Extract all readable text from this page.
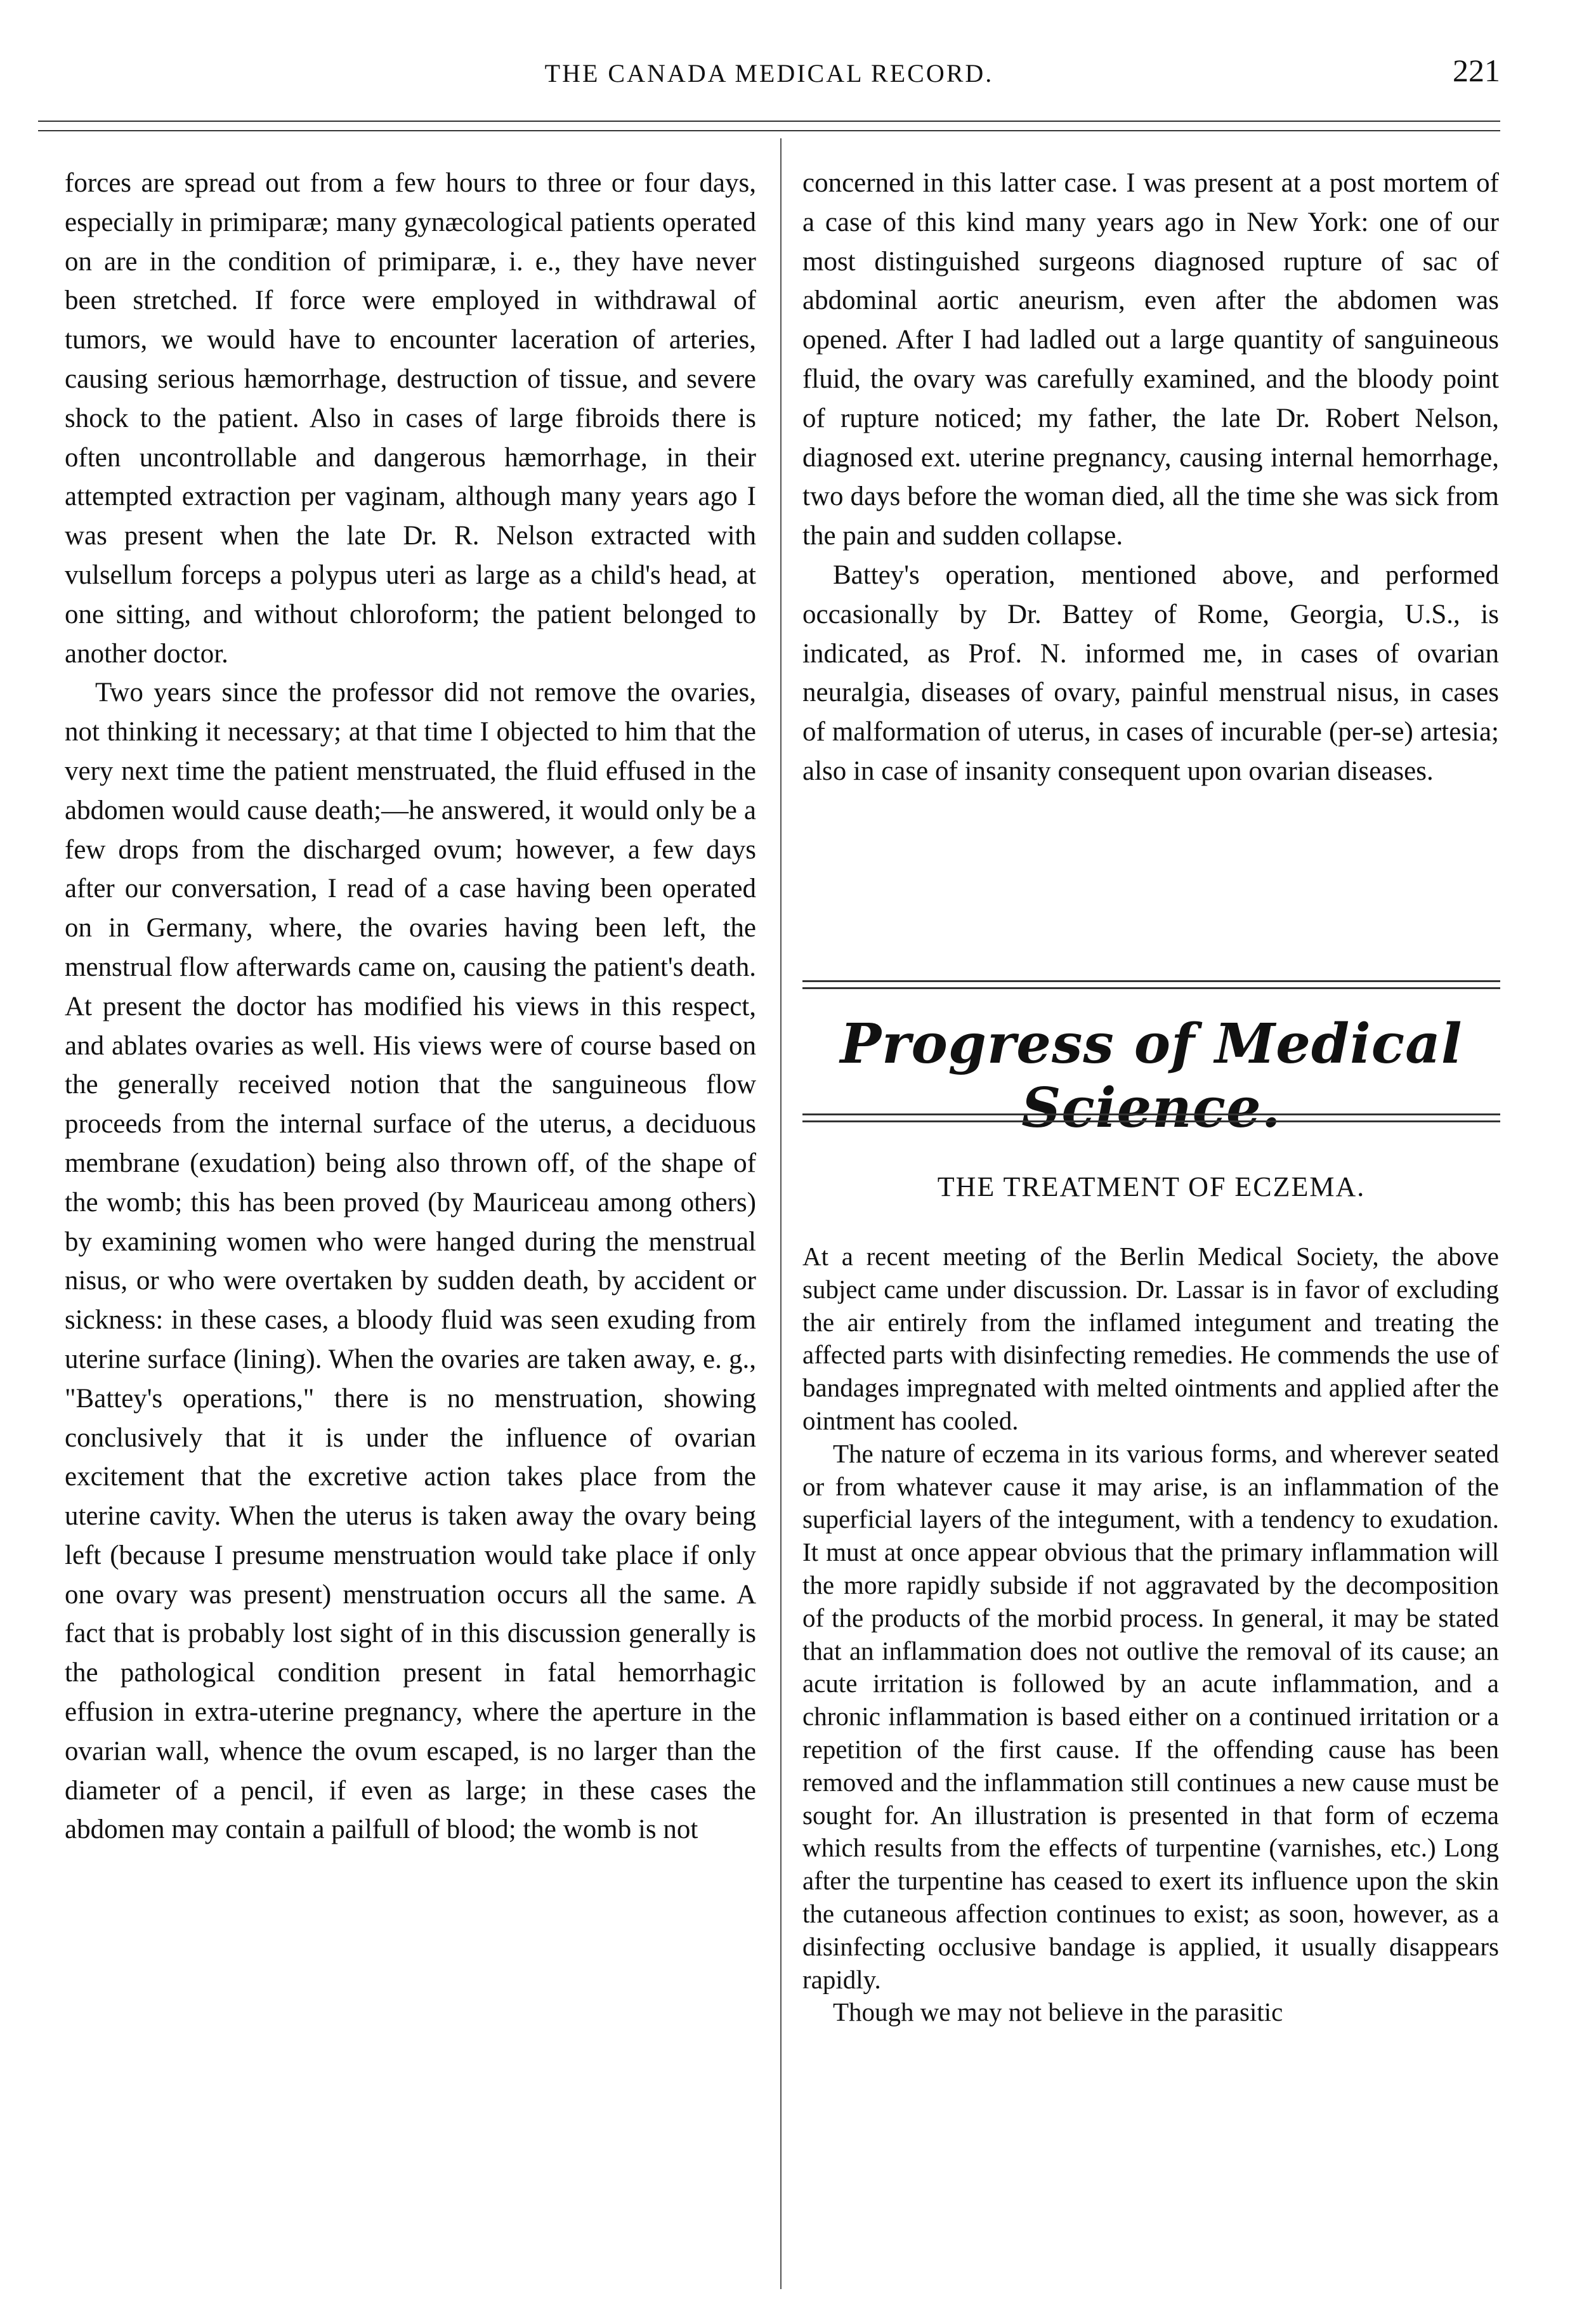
THE CANADA MEDICAL RECORD.	221

forces are spread out from a few hours to three or four days, especially in primiparæ; many gynæcological patients operated on are in the condition of primiparæ, i. e., they have never been stretched. If force were employed in withdrawal of tumors, we would have to encounter laceration of arteries, causing serious hæmorrhage, destruction of tissue, and severe shock to the patient. Also in cases of large fibroids there is often uncontrollable and dangerous hæmorrhage, in their attempted extraction per vaginam, although many years ago I was present when the late Dr. R. Nelson extracted with vulsellum forceps a polypus uteri as large as a child's head, at one sitting, and without chloroform; the patient belonged to another doctor.

Two years since the professor did not remove the ovaries, not thinking it necessary; at that time I objected to him that the very next time the patient menstruated, the fluid effused in the abdomen would cause death;—he answered, it would only be a few drops from the discharged ovum; however, a few days after our conversation, I read of a case having been operated on in Germany, where, the ovaries having been left, the menstrual flow afterwards came on, causing the patient's death. At present the doctor has modified his views in this respect, and ablates ovaries as well. His views were of course based on the generally received notion that the sanguineous flow proceeds from the internal surface of the uterus, a deciduous membrane (exudation) being also thrown off, of the shape of the womb; this has been proved (by Mauriceau among others) by examining women who were hanged during the menstrual nisus, or who were overtaken by sudden death, by accident or sickness: in these cases, a bloody fluid was seen exuding from uterine surface (lining). When the ovaries are taken away, e. g., "Battey's operations," there is no menstruation, showing conclusively that it is under the influence of ovarian excitement that the excretive action takes place from the uterine cavity. When the uterus is taken away the ovary being left (because I presume menstruation would take place if only one ovary was present) menstruation occurs all the same. A fact that is probably lost sight of in this discussion generally is the pathological condition present in fatal hemorrhagic effusion in extra-uterine pregnancy, where the aperture in the ovarian wall, whence the ovum escaped, is no larger than the diameter of a pencil, if even as large; in these cases the abdomen may contain a pailfull of blood; the womb is not

concerned in this latter case. I was present at a post mortem of a case of this kind many years ago in New York: one of our most distinguished surgeons diagnosed rupture of sac of abdominal aortic aneurism, even after the abdomen was opened. After I had ladled out a large quantity of sanguineous fluid, the ovary was carefully examined, and the bloody point of rupture noticed; my father, the late Dr. Robert Nelson, diagnosed ext. uterine pregnancy, causing internal hemorrhage, two days before the woman died, all the time she was sick from the pain and sudden collapse.

Battey's operation, mentioned above, and performed occasionally by Dr. Battey of Rome, Georgia, U.S., is indicated, as Prof. N. informed me, in cases of ovarian neuralgia, diseases of ovary, painful menstrual nisus, in cases of malformation of uterus, in cases of incurable (per-se) artesia; also in case of insanity consequent upon ovarian diseases.

Progress of Medical Science.
THE TREATMENT OF ECZEMA.

At a recent meeting of the Berlin Medical Society, the above subject came under discussion. Dr. Lassar is in favor of excluding the air entirely from the inflamed integument and treating the affected parts with disinfecting remedies. He commends the use of bandages impregnated with melted ointments and applied after the ointment has cooled.

The nature of eczema in its various forms, and wherever seated or from whatever cause it may arise, is an inflammation of the superficial layers of the integument, with a tendency to exudation. It must at once appear obvious that the primary inflammation will the more rapidly subside if not aggravated by the decomposition of the products of the morbid process. In general, it may be stated that an inflammation does not outlive the removal of its cause; an acute irritation is followed by an acute inflammation, and a chronic inflammation is based either on a continued irritation or a repetition of the first cause. If the offending cause has been removed and the inflammation still continues a new cause must be sought for. An illustration is presented in that form of eczema which results from the effects of turpentine (varnishes, etc.) Long after the turpentine has ceased to exert its influence upon the skin the cutaneous affection continues to exist; as soon, however, as a disinfecting occlusive bandage is applied, it usually disappears rapidly.

Though we may not believe in the parasitic
